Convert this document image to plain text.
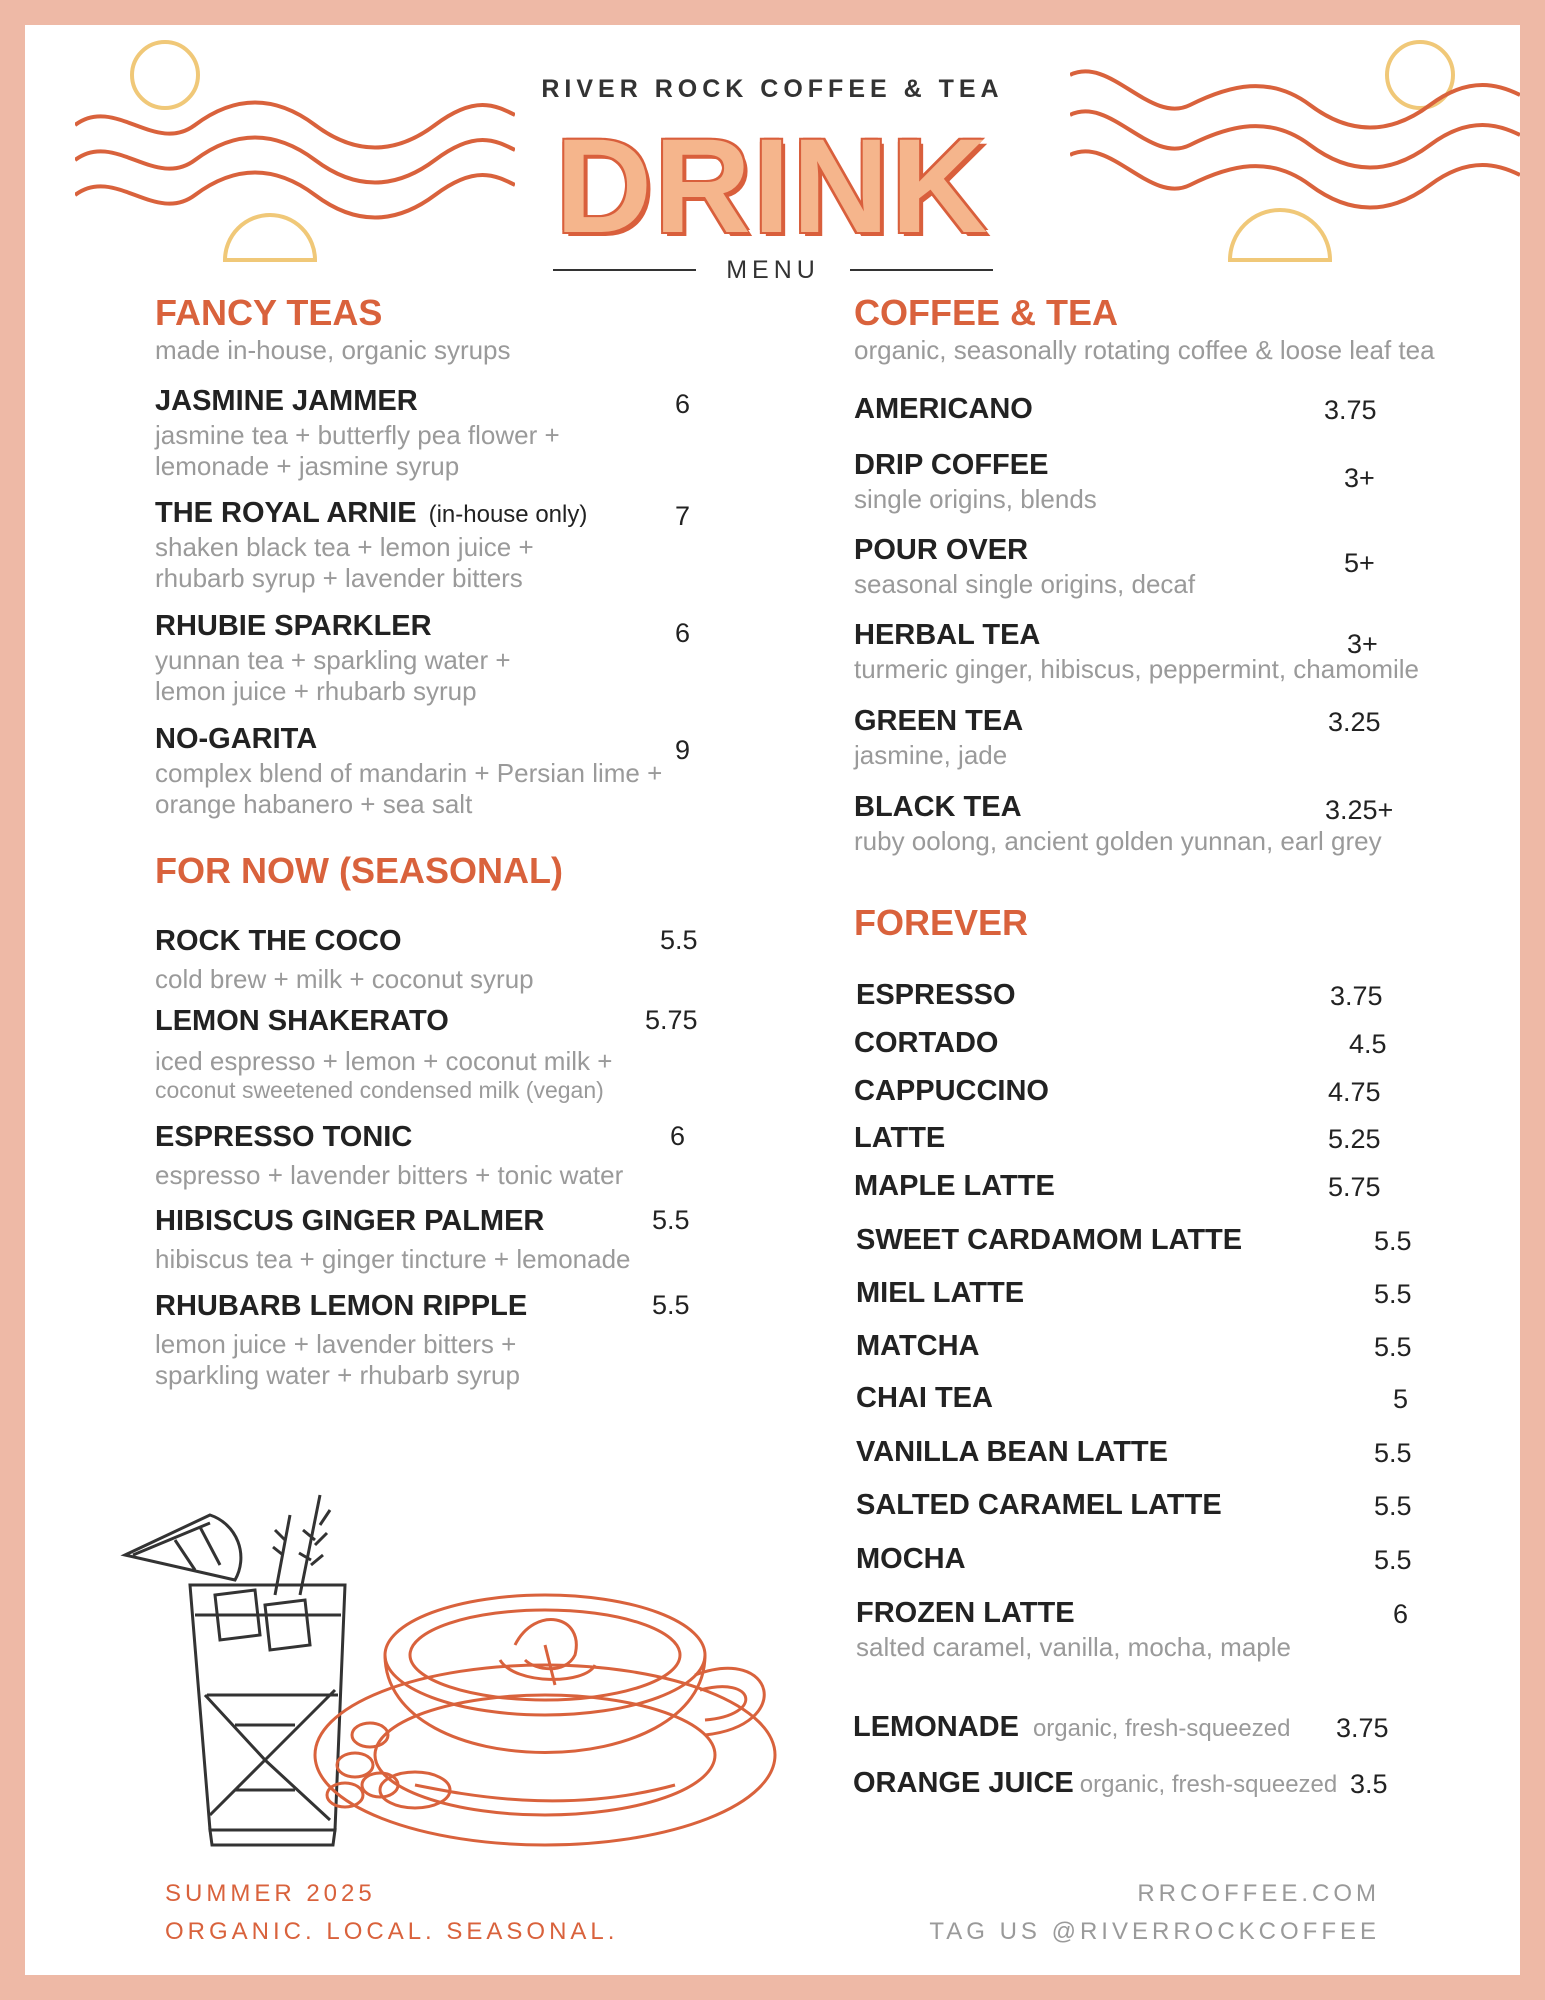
RIVER ROCK COFFEE & TEA
DRINK
MENU
FANCY TEAS
made in-house, organic syrups
JASMINE JAMMER	6
jasmine tea + butterfly pea flower +
lemonade + jasmine syrup
THE ROYAL ARNIE (in-house only)	7
shaken black tea + lemon juice +
rhubarb syrup + lavender bitters
RHUBIE SPARKLER	6
yunnan tea + sparkling water +
lemon juice + rhubarb syrup
NO-GARITA	9
complex blend of mandarin + Persian lime +
orange habanero + sea salt
FOR NOW (SEASONAL)
ROCK THE COCO	5.5
cold brew + milk + coconut syrup
LEMON SHAKERATO	5.75
iced espresso + lemon + coconut milk +
coconut sweetened condensed milk (vegan)
ESPRESSO TONIC	6
espresso + lavender bitters + tonic water
HIBISCUS GINGER PALMER	5.5
hibiscus tea + ginger tincture + lemonade
RHUBARB LEMON RIPPLE	5.5
lemon juice + lavender bitters +
sparkling water + rhubarb syrup
COFFEE & TEA
organic, seasonally rotating coffee & loose leaf tea
AMERICANO	3.75
DRIP COFFEE	3+
single origins, blends
POUR OVER	5+
seasonal single origins, decaf
HERBAL TEA	3+
turmeric ginger, hibiscus, peppermint, chamomile
GREEN TEA	3.25
jasmine, jade
BLACK TEA	3.25+
ruby oolong, ancient golden yunnan, earl grey
FOREVER
ESPRESSO	3.75
CORTADO	4.5
CAPPUCCINO	4.75
LATTE	5.25
MAPLE LATTE	5.75
SWEET CARDAMOM LATTE	5.5
MIEL LATTE	5.5
MATCHA	5.5
CHAI TEA	5
VANILLA BEAN LATTE	5.5
SALTED CARAMEL LATTE	5.5
MOCHA	5.5
FROZEN LATTE	6
salted caramel, vanilla, mocha, maple
LEMONADE organic, fresh-squeezed 3.75
ORANGE JUICE organic, fresh-squeezed 3.5
SUMMER 2025
ORGANIC. LOCAL. SEASONAL.
RRCOFFEE.COM
TAG US @RIVERROCKCOFFEE
